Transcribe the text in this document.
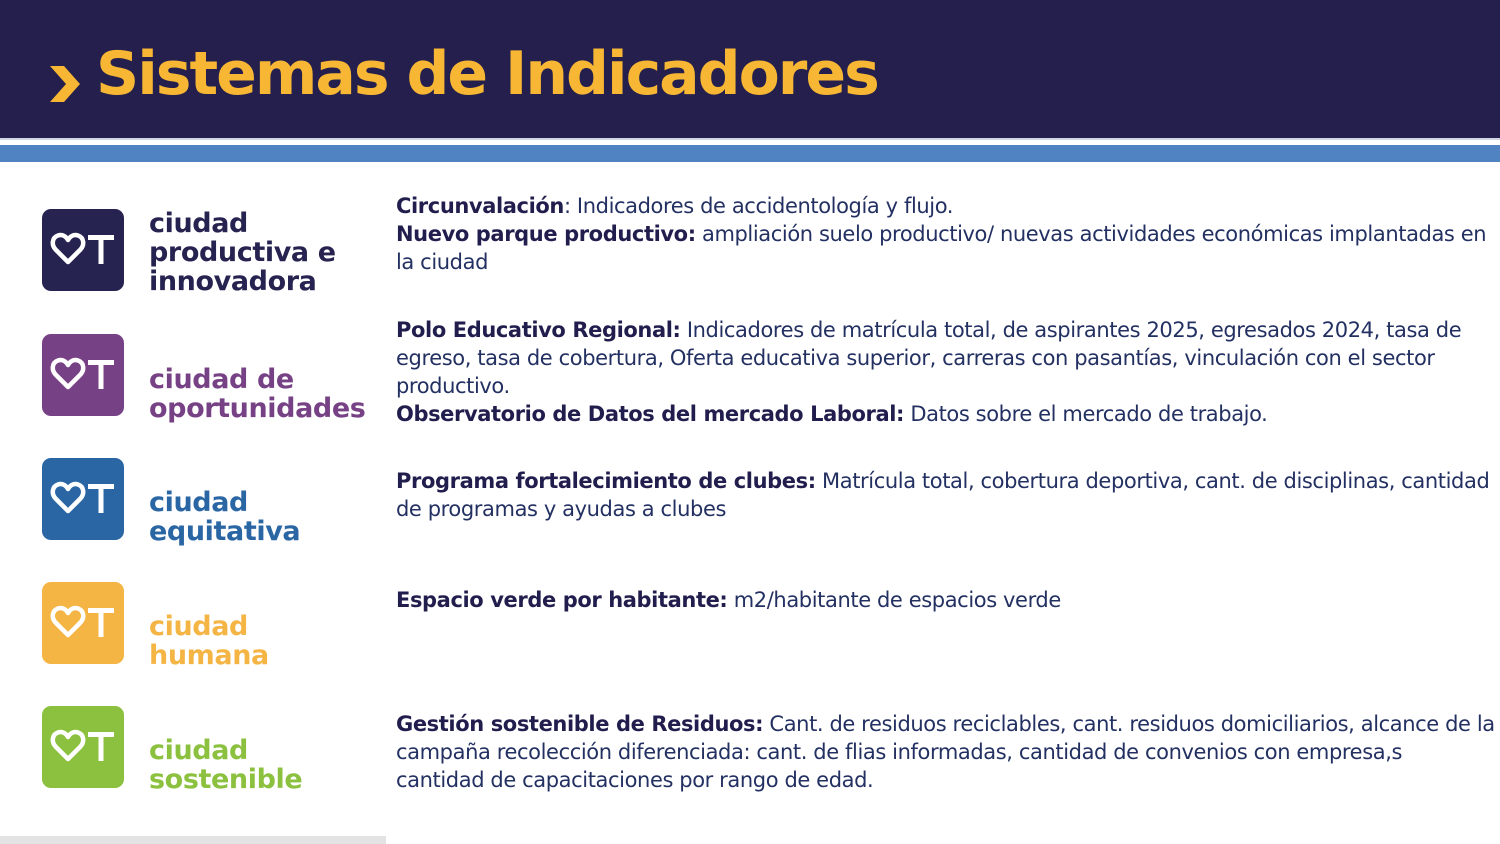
Sistemas de Indicadores
ciudad
productiva e
innovadora

Circunvalación: Indicadores de accidentología y flujo.

Nuevo parque productivo: ampliación suelo productivo/ nuevas actividades económicas implantadas en la ciudad

ciudad de
oportunidades

Polo Educativo Regional: Indicadores de matrícula total, de aspirantes 2025, egresados 2024, tasa de egreso, tasa de cobertura, Oferta educativa superior, carreras con pasantías, vinculación con el sector productivo.

Observatorio de Datos del mercado Laboral: Datos sobre el mercado de trabajo.

ciudad
equitativa

Programa fortalecimiento de clubes: Matrícula total, cobertura deportiva, cant. de disciplinas, cantidad de programas y ayudas a clubes

ciudad
humana

Espacio verde por habitante: m2/habitante de espacios verde

ciudad
sostenible

Gestión sostenible de Residuos: Cant. de residuos reciclables, cant. residuos domiciliarios, alcance de la campaña recolección diferenciada: cant. de flias informadas, cantidad de convenios con empresa,s cantidad de capacitaciones por rango de edad.
